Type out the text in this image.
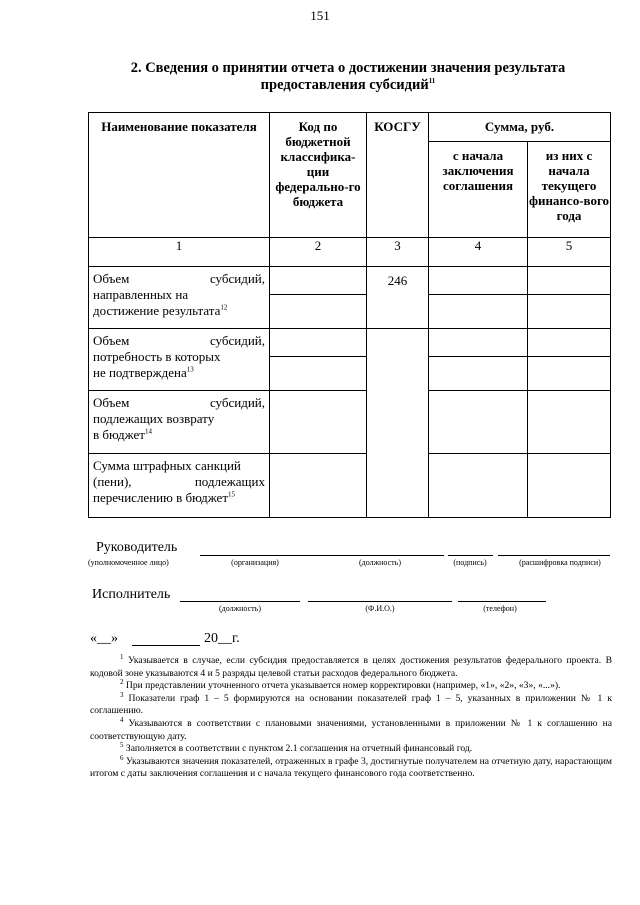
151
2. Сведения о принятии отчета о достижении значения результата
предоставления субсидий$^{11}$
Наименование показателя	Код по бюджетной классифика-ции федерально-го бюджета	КОСГУ	Сумма, руб.	
			с начала заключения соглашения	из них с начала текущего финансо-вого года
1	2	3	4	5

Объем субсидий,
направленных на
достижение результата$^{12}$		246		

Объем субсидий,
потребность в которых
не подтверждена$^{13}$

Объем субсидий,
подлежащих возврату
в бюджет$^{14}$

Сумма штрафных санкций
(пени), подлежащих
перечислению в бюджет$^{15}$

Руководитель
(уполномоченное лицо)	(организация)	(должность)	(подпись)	(расшифровка подписи)
Исполнитель
(должность)	(Ф.И.О.)	(телефон)
«__»	20__г.

$^1$ Указывается в случае, если субсидия предоставляется в целях достижения результатов федерального проекта. В кодовой зоне указываются 4 и 5 разряды целевой статьи расходов федерального бюджета.

$^2$ При представлении уточненного отчета указывается номер корректировки (например, «1», «2», «3», «...»).

$^3$ Показатели граф 1 – 5 формируются на основании показателей граф 1 – 5, указанных в приложении № 1 к соглашению.

$^4$ Указываются в соответствии с плановыми значениями, установленными в приложении № 1 к соглашению на соответствующую дату.

$^5$ Заполняется в соответствии с пунктом 2.1 соглашения на отчетный финансовый год.

$^6$ Указываются значения показателей, отраженных в графе 3, достигнутые получателем на отчетную дату, нарастающим итогом с даты заключения соглашения и с начала текущего финансового года соответственно.
